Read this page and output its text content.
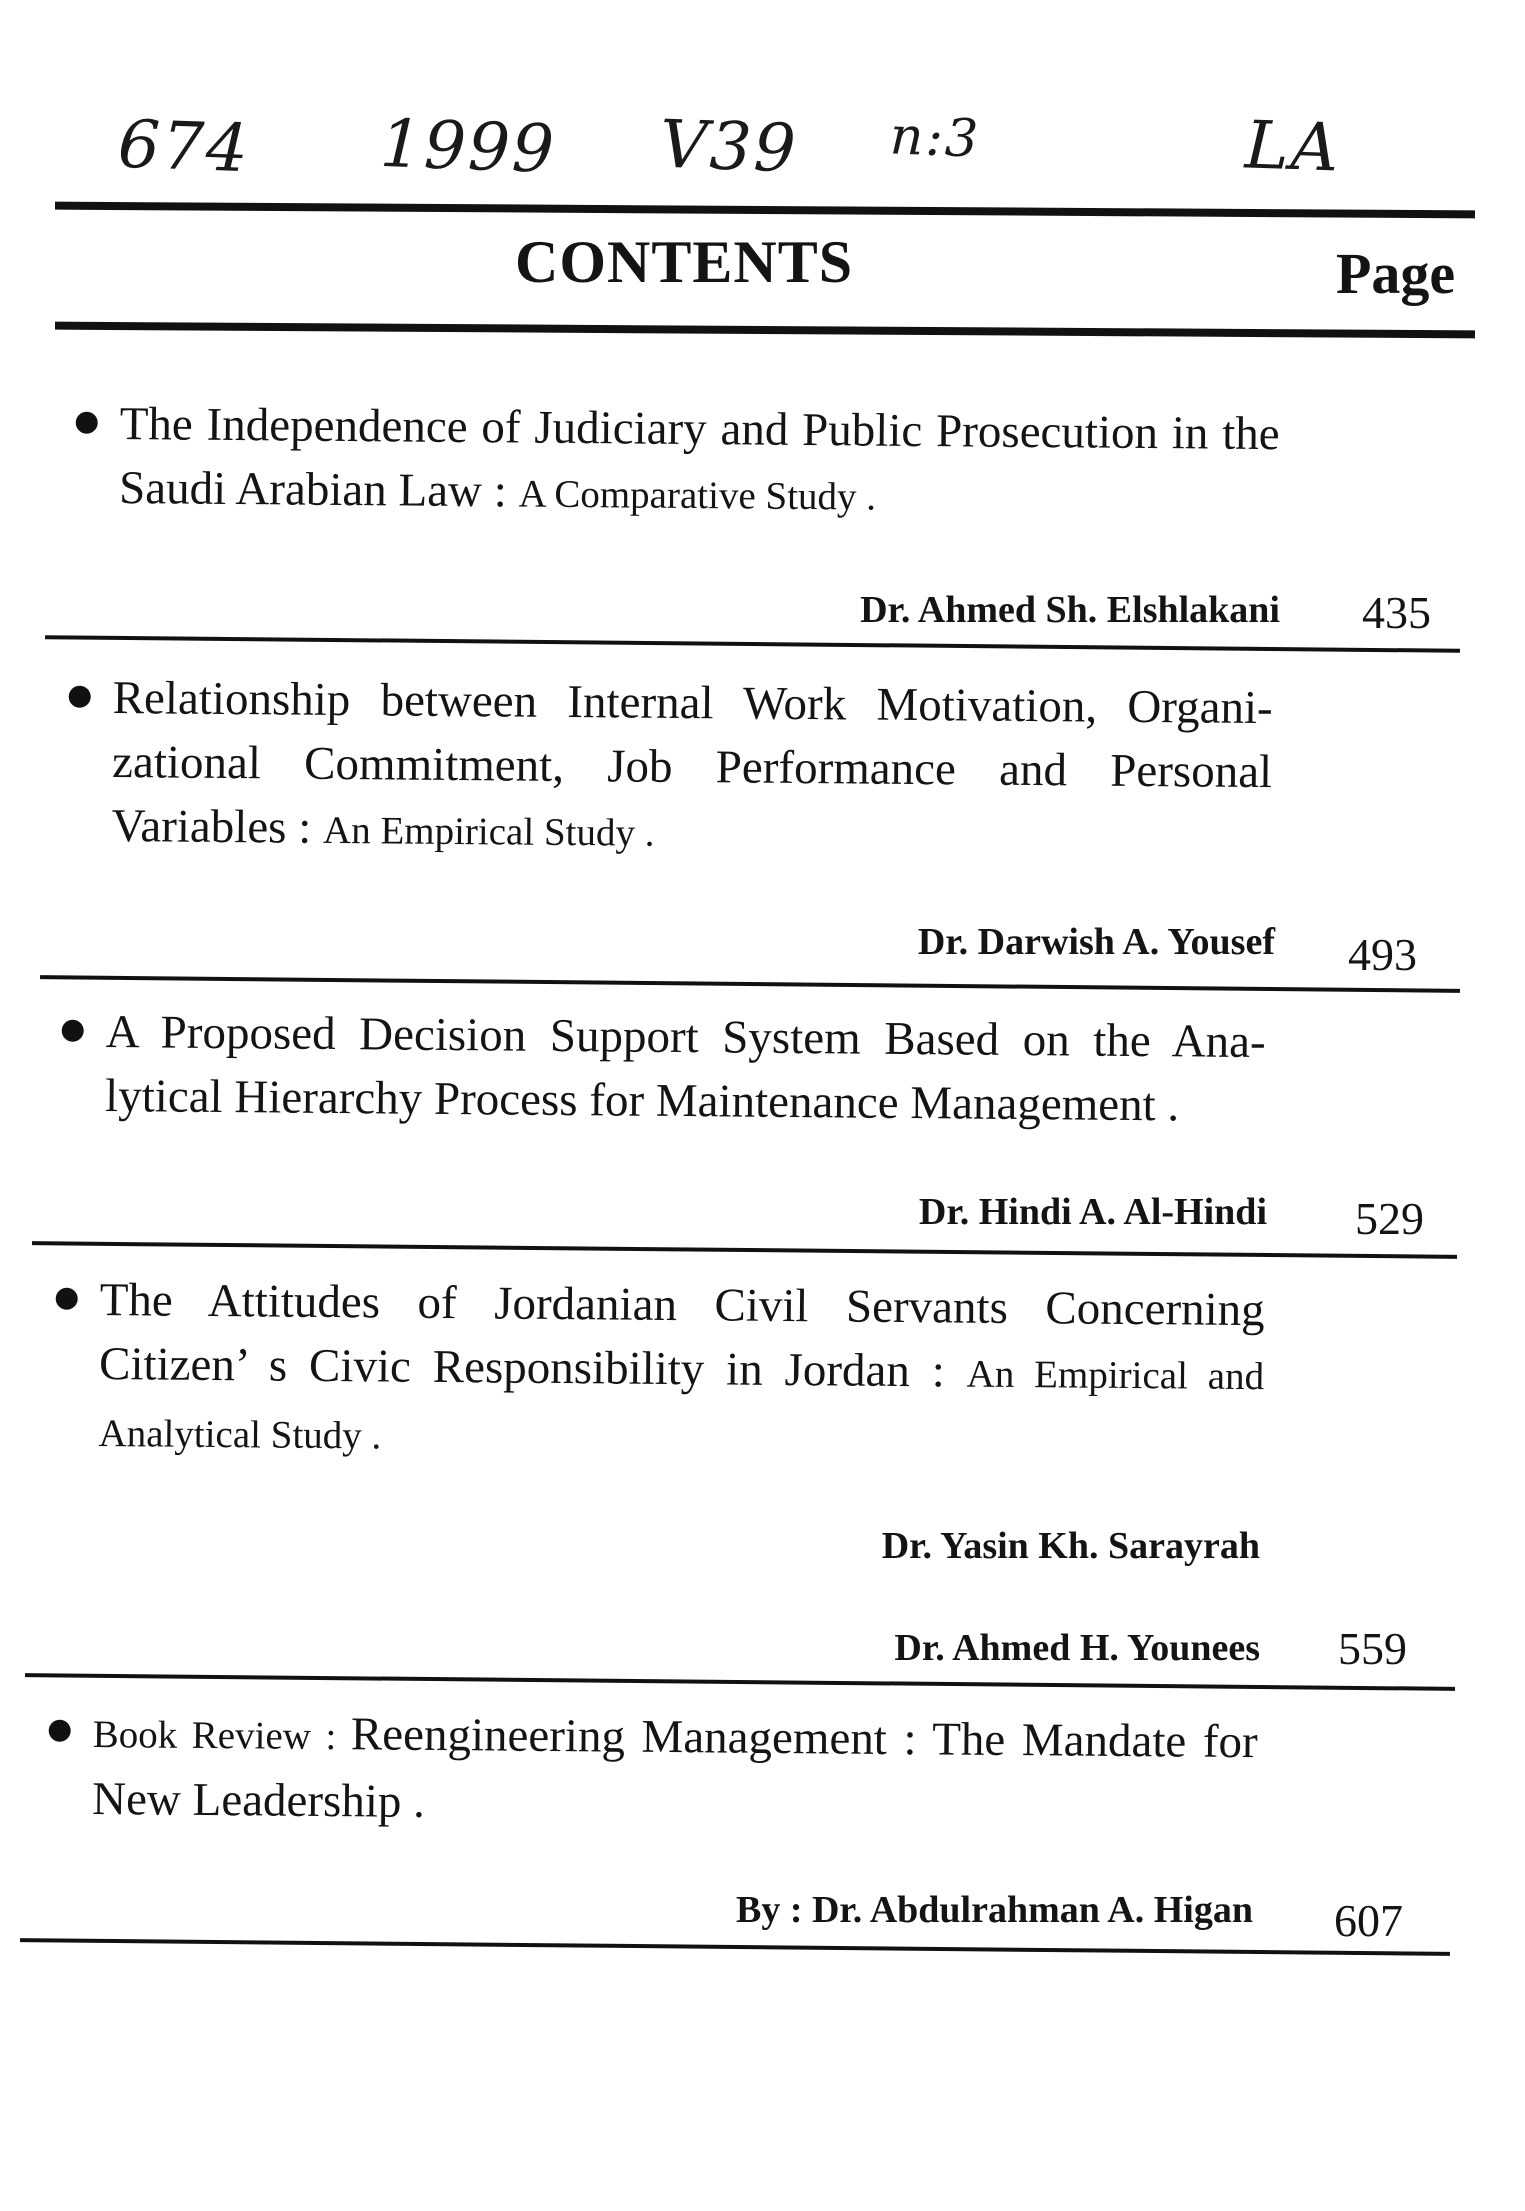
674 1999 V39 n:3	LA
CONTENTS	Page
The Independence of Judiciary and Public Prosecution in the Saudi Arabian Law : A Comparative Study .
Dr. Ahmed Sh. Elshlakani 435
Relationship between Internal Work Motivation, Organi-zational Commitment, Job Performance and Personal Variables : An Empirical Study .
Dr. Darwish A. Yousef 493
A Proposed Decision Support System Based on the Ana-lytical Hierarchy Process for Maintenance Management .
Dr. Hindi A. Al-Hindi 529
The Attitudes of Jordanian Civil Servants Concerning Citizen’ s Civic Responsibility in Jordan : An Empirical and Analytical Study .
Dr. Yasin Kh. Sarayrah
Dr. Ahmed H. Younees 559
Book Review : Reengineering Management : The Mandate for New Leadership .
By : Dr. Abdulrahman A. Higan 607
